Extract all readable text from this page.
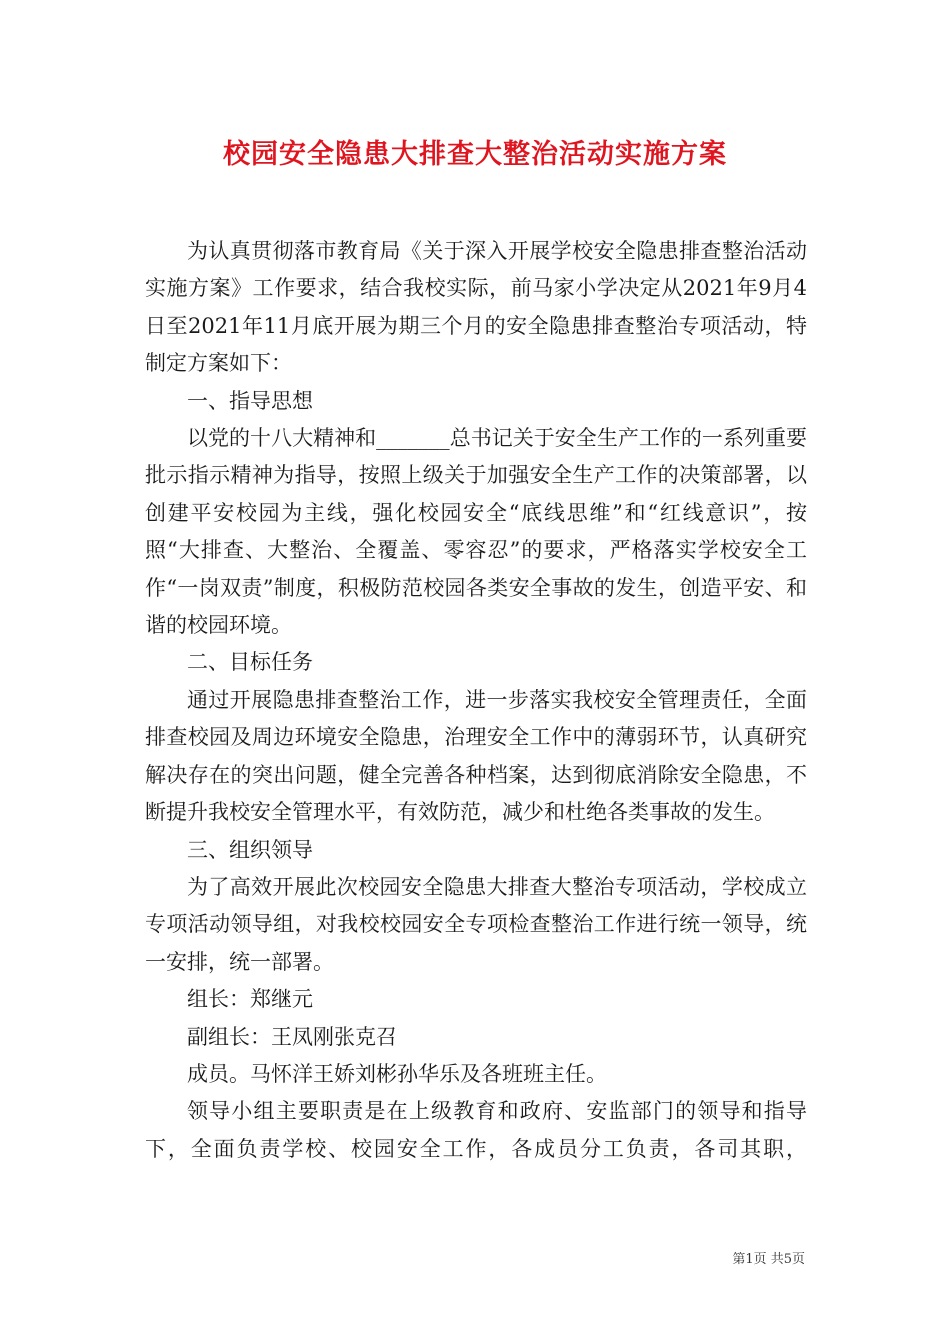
校园安全隐患大排查大整治活动实施方案

为认真贯彻落市教育局《关于深入开展学校安全隐患排查整治活动实施方案》工作要求，结合我校实际，前马家小学决定从2021年9月4日至2021年11月底开展为期三个月的安全隐患排查整治专项活动，特制定方案如下：

一、指导思想

以党的十八大精神和_______总书记关于安全生产工作的一系列重要批示指示精神为指导，按照上级关于加强安全生产工作的决策部署，以创建平安校园为主线，强化校园安全“底线思维”和“红线意识”，按照“大排查、大整治、全覆盖、零容忍”的要求，严格落实学校安全工作“一岗双责”制度，积极防范校园各类安全事故的发生，创造平安、和谐的校园环境。

二、目标任务

通过开展隐患排查整治工作，进一步落实我校安全管理责任，全面排查校园及周边环境安全隐患，治理安全工作中的薄弱环节，认真研究解决存在的突出问题，健全完善各种档案，达到彻底消除安全隐患，不断提升我校安全管理水平，有效防范，减少和杜绝各类事故的发生。

三、组织领导

为了高效开展此次校园安全隐患大排查大整治专项活动，学校成立专项活动领导组，对我校校园安全专项检查整治工作进行统一领导，统一安排，统一部署。

组长：郑继元

副组长：王凤刚张克召

成员。马怀洋王娇刘彬孙华乐及各班班主任。

领导小组主要职责是在上级教育和政府、安监部门的领导和指导下，全面负责学校、校园安全工作，各成员分工负责，各司其职，

第1页 共5页
